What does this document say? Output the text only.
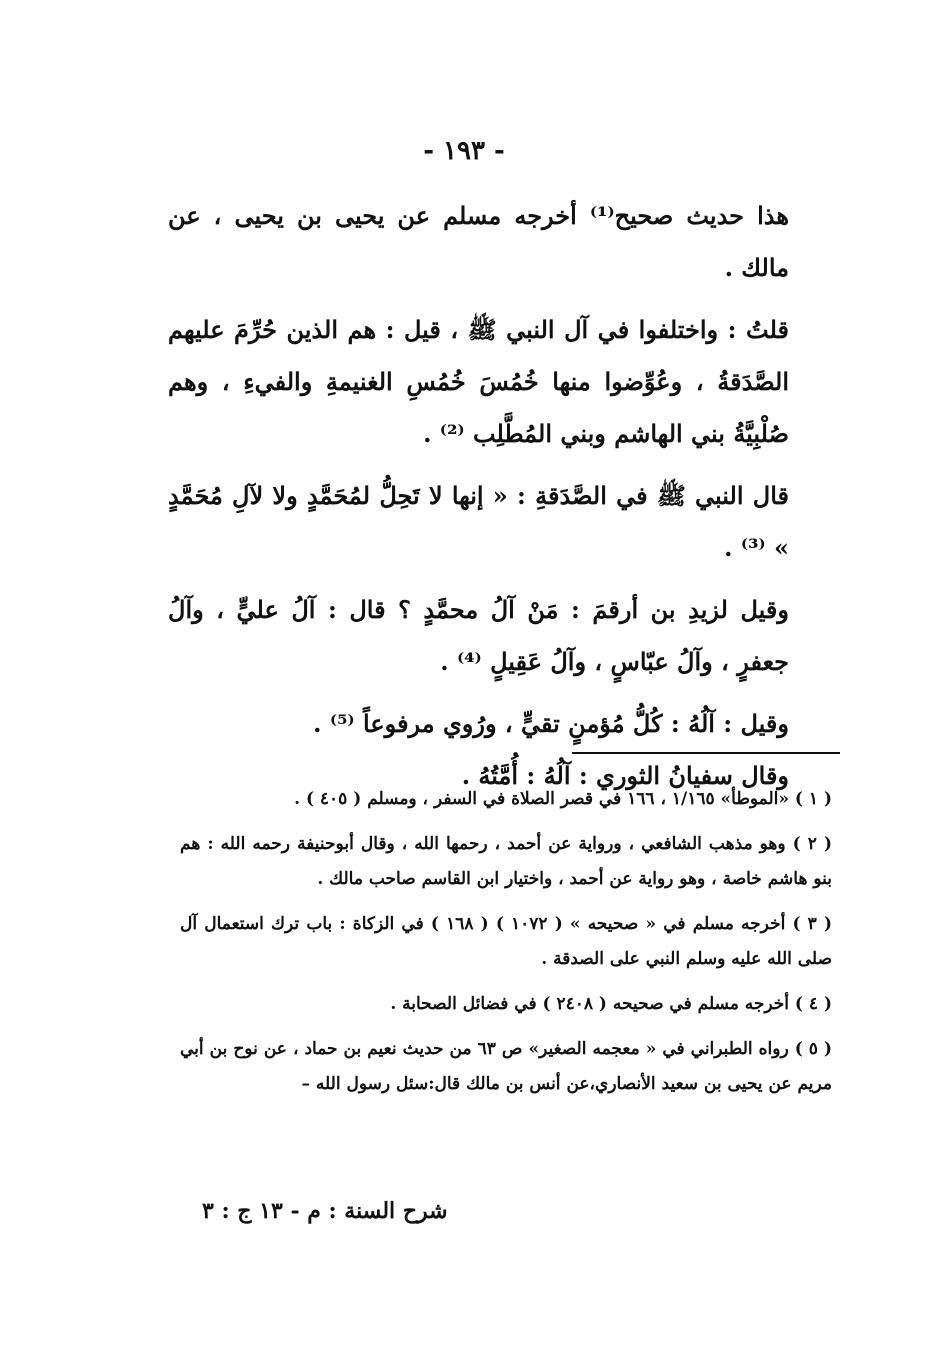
- ١٩٣ -

هذا حديث صحيح⁽¹⁾ أخرجه مسلم عن يحيى بن يحيى ، عن مالك .

قلتُ : واختلفوا في آل النبي ﷺ ، قيل : هم الذين حُرِّمَ عليهم الصَّدَقةُ ، وعُوِّضوا منها خُمُسَ خُمُسِ الغنيمةِ والفيءِ ، وهم صُلْبِيَّةُ بني الهاشم وبني المُطَّلِب ⁽²⁾ .

قال النبي ﷺ في الصَّدَقةِ : « إنها لا تَحِلُّ لمُحَمَّدٍ ولا لآلِ مُحَمَّدٍ » ⁽³⁾ .

وقيل لزيدِ بن أرقمَ : مَنْ آلُ محمَّدٍ ؟ قال : آلُ عليٍّ ، وآلُ جعفرٍ ، وآلُ عبّاسٍ ، وآلُ عَقِيلٍ ⁽⁴⁾ .

وقيل : آلُهُ : كُلُّ مُؤمنٍ تقيٍّ ، ورُوي مرفوعاً ⁽⁵⁾ .

وقال سفيانُ الثوري : آلُهُ : أُمَّتُهُ .

( ١ ) «الموطأ» ١/١٦٥ ، ١٦٦ في قصر الصلاة في السفر ، ومسلم ( ٤٠٥ ) .

( ٢ ) وهو مذهب الشافعي ، ورواية عن أحمد ، رحمها الله ، وقال أبوحنيفة رحمه الله : هم بنو هاشم خاصة ، وهو رواية عن أحمد ، واختيار ابن القاسم صاحب مالك .

( ٣ ) أخرجه مسلم في « صحيحه » ( ١٠٧٢ ) ( ١٦٨ ) في الزكاة : باب ترك استعمال آل صلى الله عليه وسلم النبي على الصدقة .

( ٤ ) أخرجه مسلم في صحيحه ( ٢٤٠٨ ) في فضائل الصحابة .

( ٥ ) رواه الطبراني في « معجمه الصغير» ص ٦٣ من حديث نعيم بن حماد ، عن نوح بن أبي مريم عن يحيى بن سعيد الأنصاري،عن أنس بن مالك قال:سئل رسول الله –

شرح السنة : م - ١٣ ج : ٣
